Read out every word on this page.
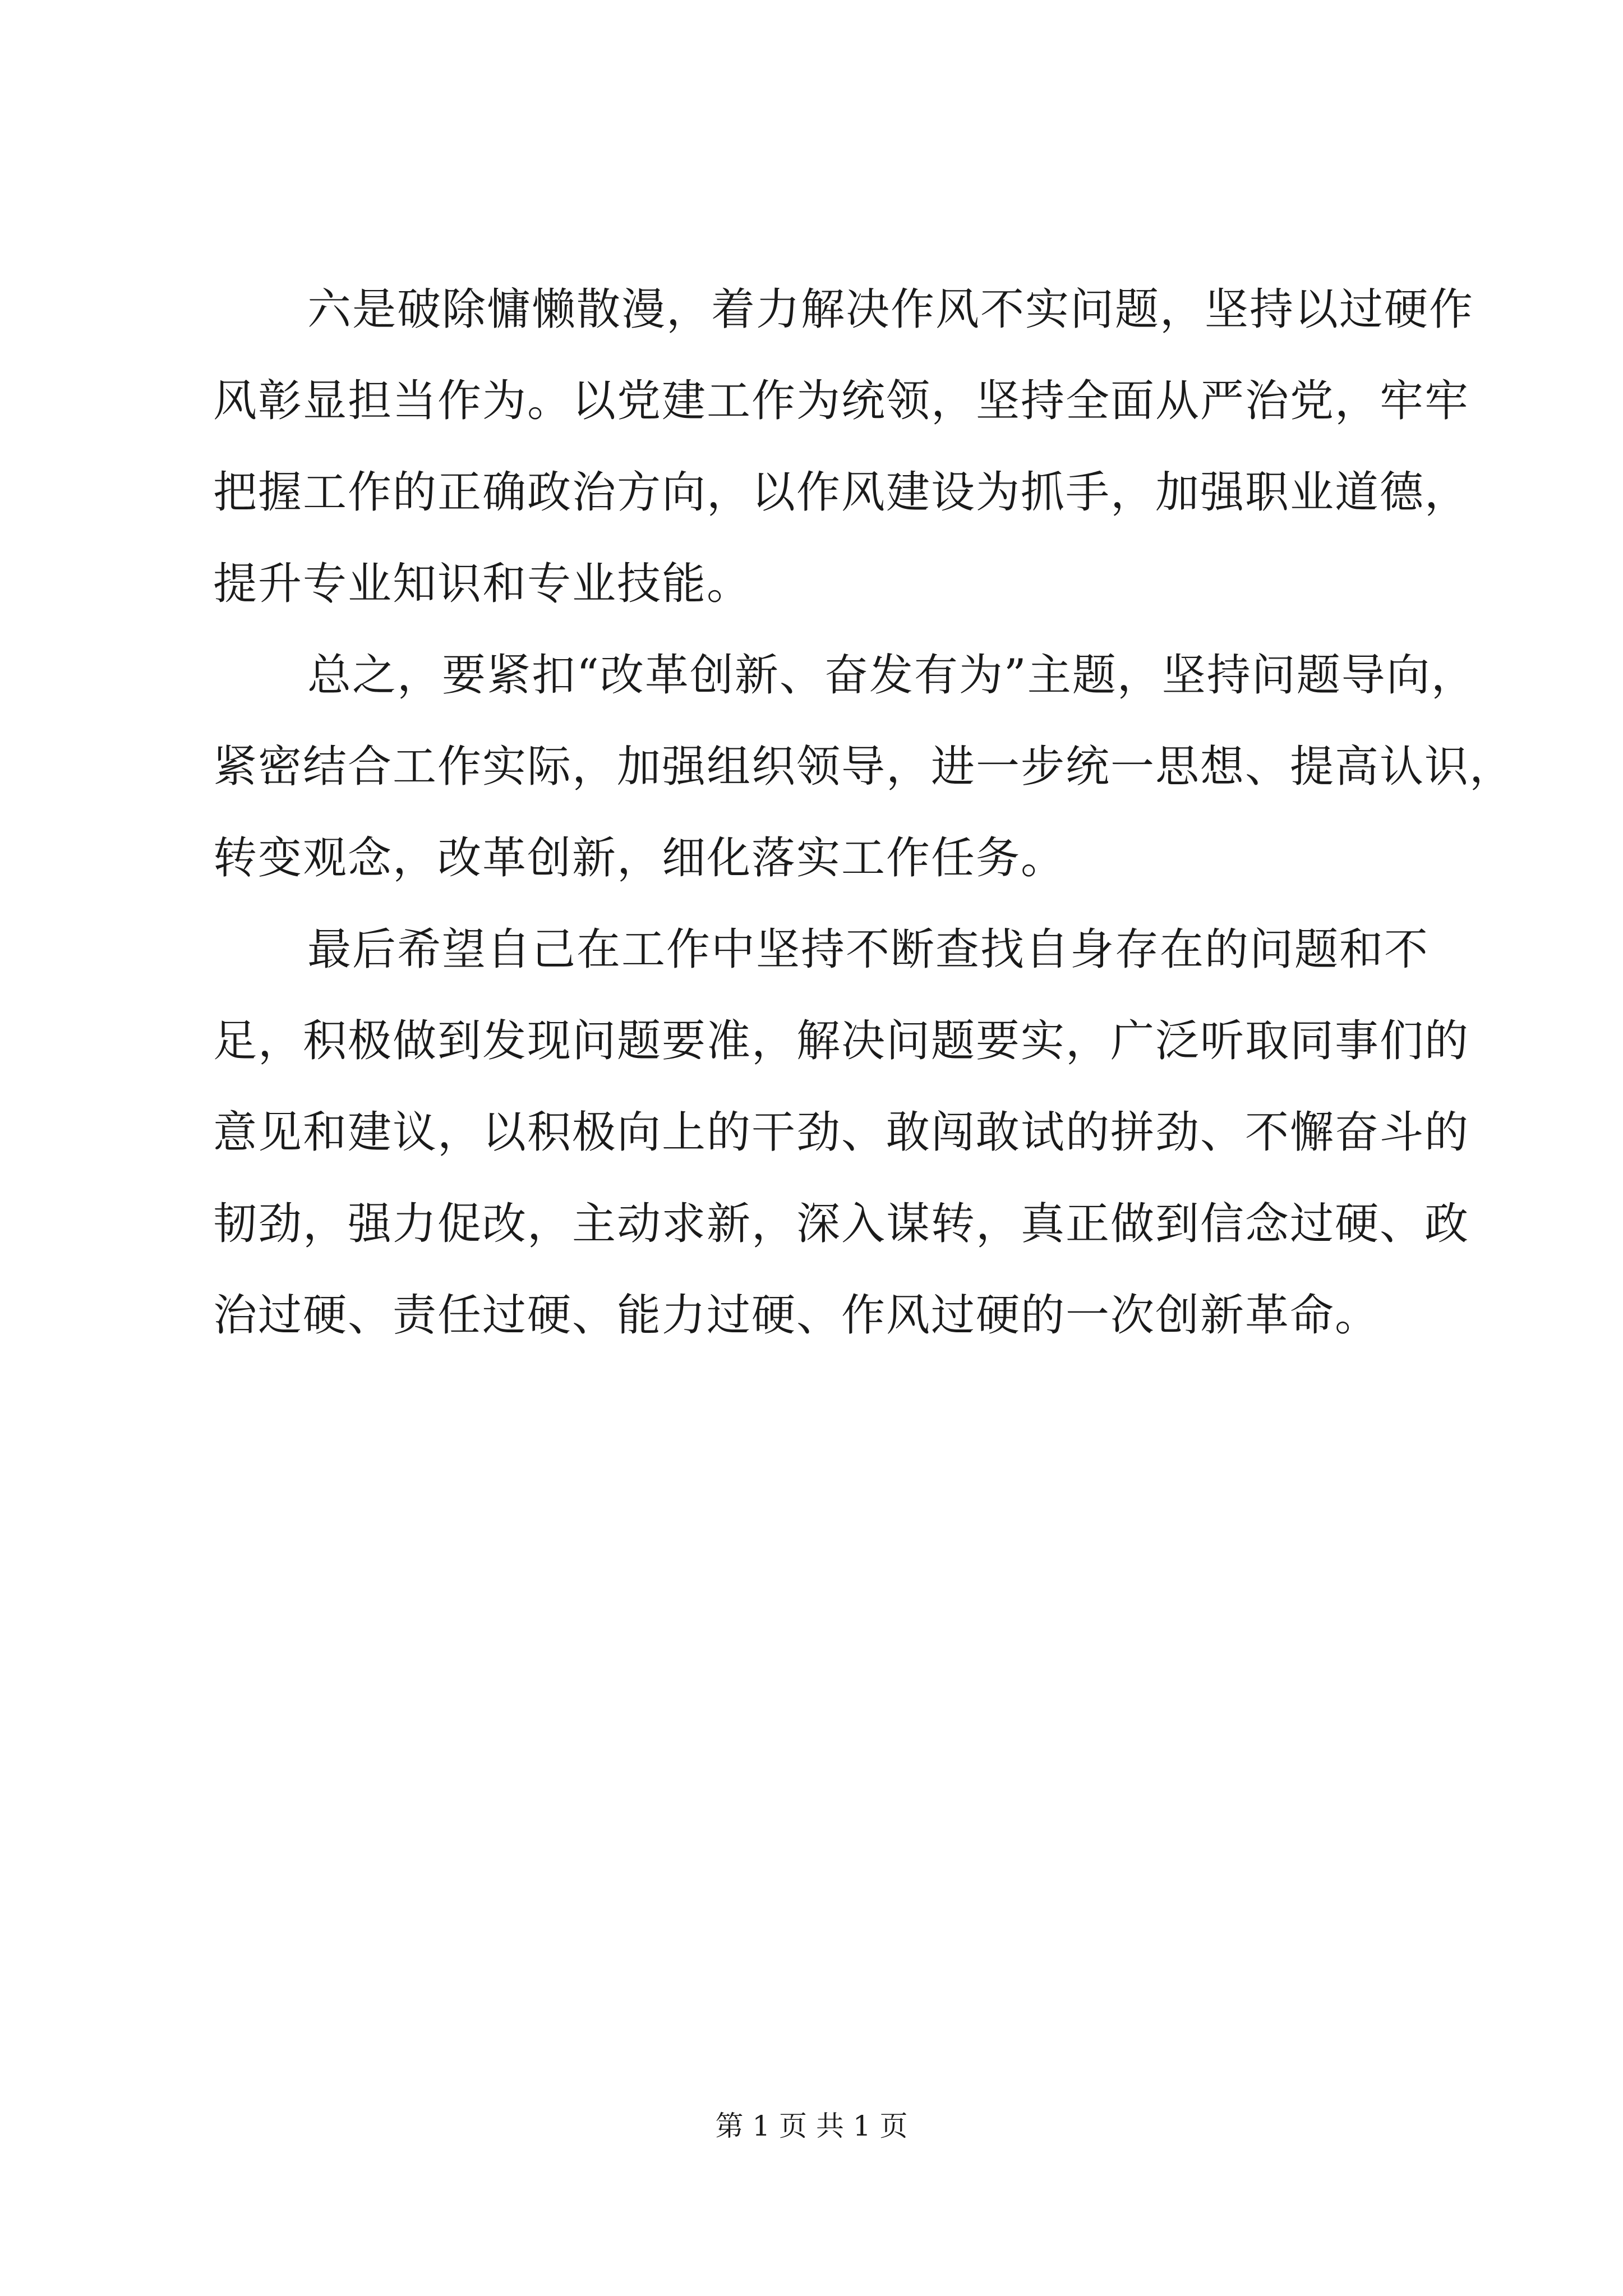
六是破除慵懒散漫，着力解决作风不实问题，坚持以过硬作
风彰显担当作为。以党建工作为统领，坚持全面从严治党，牢牢
把握工作的正确政治方向，以作风建设为抓手，加强职业道德，
提升专业知识和专业技能。
总之，要紧扣“改革创新、奋发有为”主题，坚持问题导向，
紧密结合工作实际，加强组织领导，进一步统一思想、提高认识，
转变观念，改革创新，细化落实工作任务。
最后希望自己在工作中坚持不断查找自身存在的问题和不
足，积极做到发现问题要准，解决问题要实，广泛听取同事们的
意见和建议，以积极向上的干劲、敢闯敢试的拼劲、不懈奋斗的
韧劲，强力促改，主动求新，深入谋转，真正做到信念过硬、政
治过硬、责任过硬、能力过硬、作风过硬的一次创新革命。
第 1 页 共 1 页
